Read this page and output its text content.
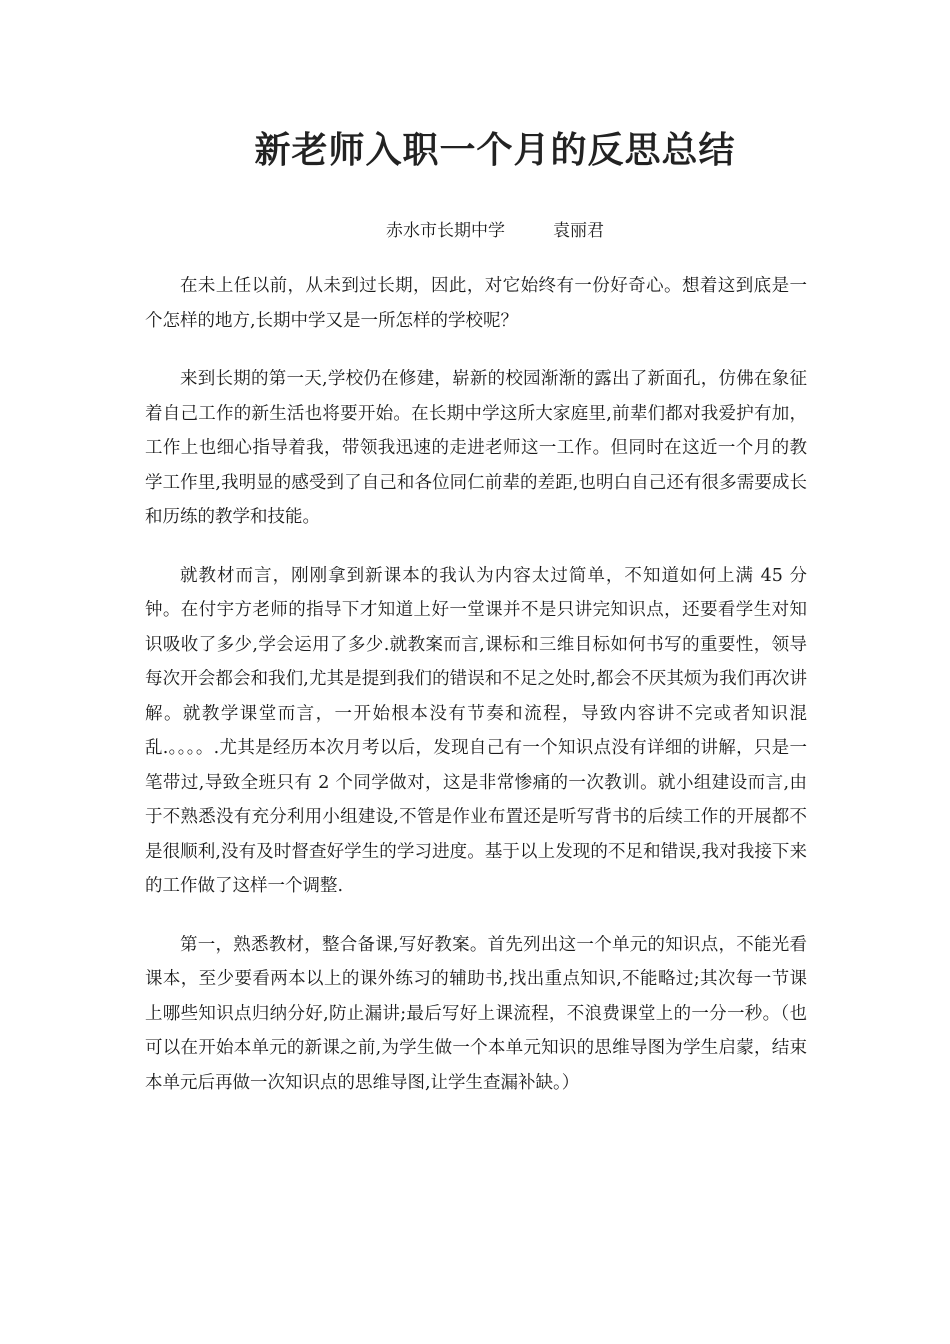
新老师入职一个月的反思总结
赤水市长期中学	袁丽君

在未上任以前，从未到过长期，因此，对它始终有一份好奇心。想着这到底是一个怎样的地方,长期中学又是一所怎样的学校呢？

来到长期的第一天,学校仍在修建，崭新的校园渐渐的露出了新面孔，仿佛在象征着自己工作的新生活也将要开始。在长期中学这所大家庭里,前辈们都对我爱护有加，工作上也细心指导着我，带领我迅速的走进老师这一工作。但同时在这近一个月的教学工作里,我明显的感受到了自己和各位同仁前辈的差距,也明白自己还有很多需要成长和历练的教学和技能。

就教材而言，刚刚拿到新课本的我认为内容太过简单，不知道如何上满 45 分钟。在付宇方老师的指导下才知道上好一堂课并不是只讲完知识点，还要看学生对知识吸收了多少,学会运用了多少.就教案而言,课标和三维目标如何书写的重要性，领导每次开会都会和我们,尤其是提到我们的错误和不足之处时,都会不厌其烦为我们再次讲解。就教学课堂而言，一开始根本没有节奏和流程，导致内容讲不完或者知识混乱.。。。。.尤其是经历本次月考以后，发现自己有一个知识点没有详细的讲解，只是一笔带过,导致全班只有 2 个同学做对，这是非常惨痛的一次教训。就小组建设而言,由于不熟悉没有充分利用小组建设,不管是作业布置还是听写背书的后续工作的开展都不是很顺利,没有及时督查好学生的学习进度。基于以上发现的不足和错误,我对我接下来的工作做了这样一个调整.

第一，熟悉教材，整合备课,写好教案。首先列出这一个单元的知识点，不能光看课本，至少要看两本以上的课外练习的辅助书,找出重点知识,不能略过;其次每一节课上哪些知识点归纳分好,防止漏讲;最后写好上课流程，不浪费课堂上的一分一秒。（也可以在开始本单元的新课之前,为学生做一个本单元知识的思维导图为学生启蒙，结束本单元后再做一次知识点的思维导图,让学生查漏补缺。）
